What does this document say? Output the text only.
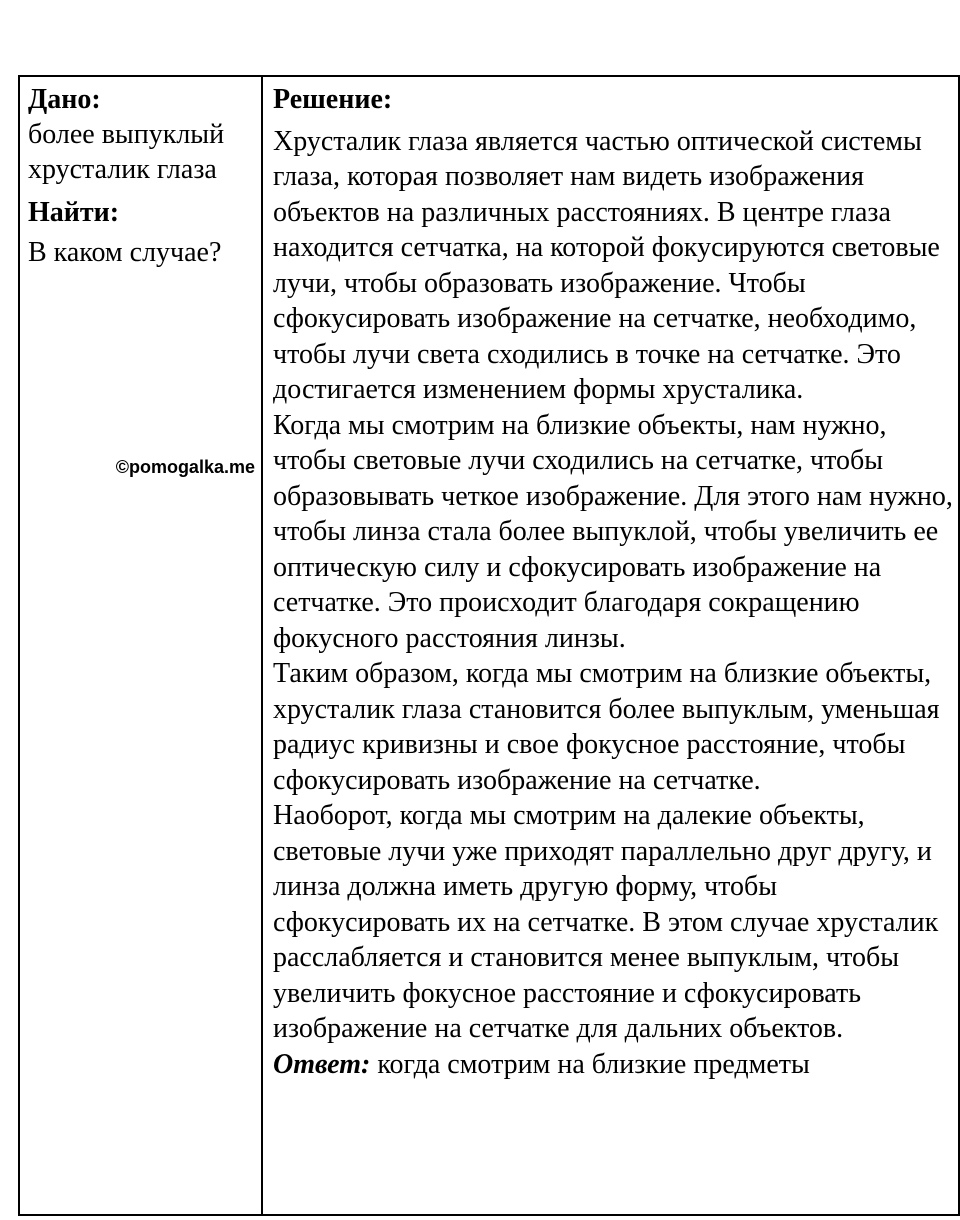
Дано:
более выпуклый
хрусталик глаза
Найти:
В каком случае?
©pomogalka.me
Решение:
Хрусталик глаза является частью оптической системы глаза, которая позволяет нам видеть изображения объектов на различных расстояниях. В центре глаза находится сетчатка, на которой фокусируются световые лучи, чтобы образовать изображение. Чтобы сфокусировать изображение на сетчатке, необходимо, чтобы лучи света сходились в точке на сетчатке. Это достигается изменением формы хрусталика.
Когда мы смотрим на близкие объекты, нам нужно, чтобы световые лучи сходились на сетчатке, чтобы образовывать четкое изображение. Для этого нам нужно, чтобы линза стала более выпуклой, чтобы увеличить ее оптическую силу и сфокусировать изображение на сетчатке. Это происходит благодаря сокращению фокусного расстояния линзы.
Таким образом, когда мы смотрим на близкие объекты, хрусталик глаза становится более выпуклым, уменьшая радиус кривизны и свое фокусное расстояние, чтобы сфокусировать изображение на сетчатке.
Наоборот, когда мы смотрим на далекие объекты, световые лучи уже приходят параллельно друг другу, и линза должна иметь другую форму, чтобы сфокусировать их на сетчатке. В этом случае хрусталик расслабляется и становится менее выпуклым, чтобы увеличить фокусное расстояние и сфокусировать изображение на сетчатке для дальних объектов.
Ответ: когда смотрим на близкие предметы
